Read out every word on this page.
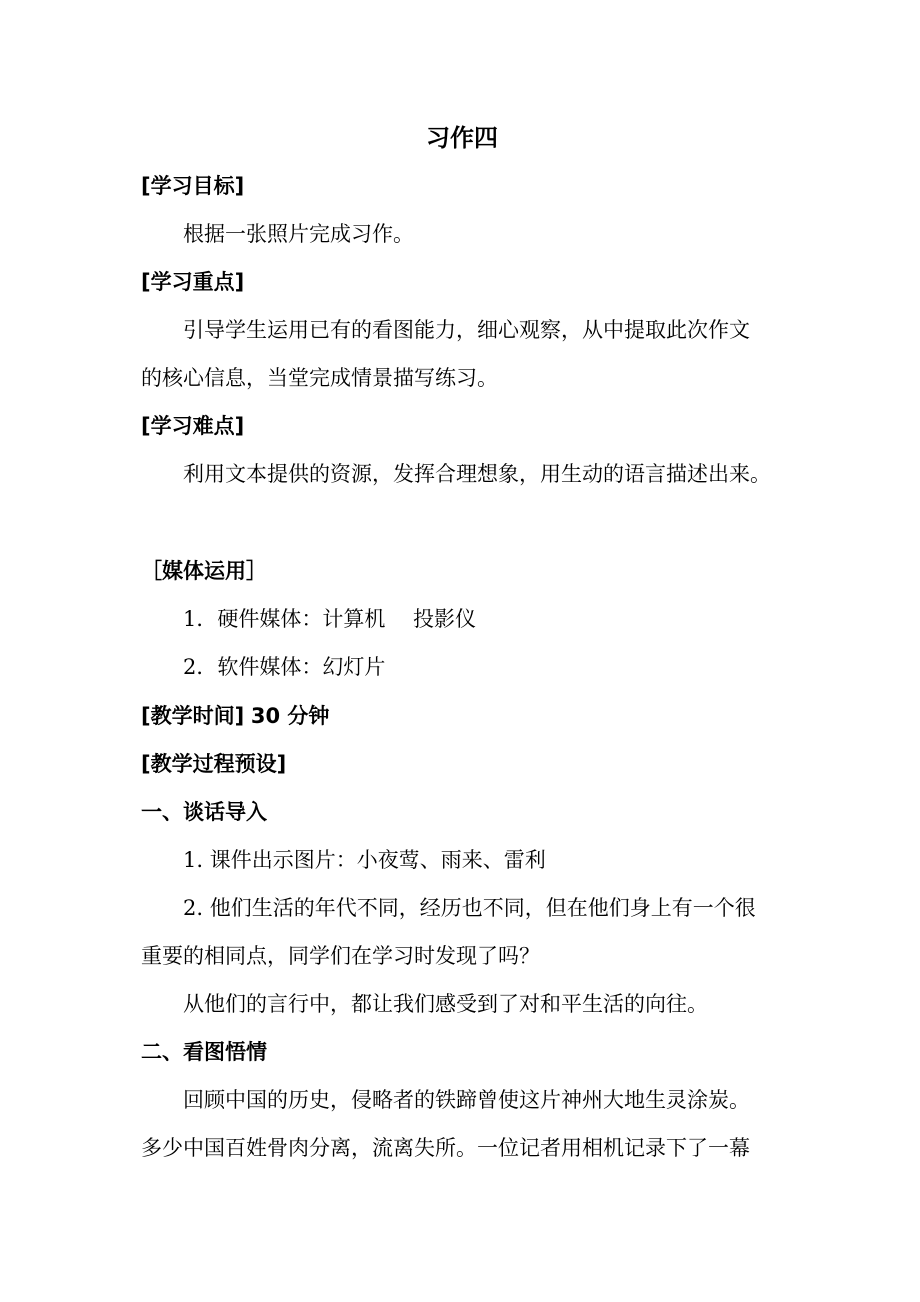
习作四
[学习目标]
根据一张照片完成习作。
[学习重点]
引导学生运用已有的看图能力，细心观察，从中提取此次作文
的核心信息，当堂完成情景描写练习。
[学习难点]
利用文本提供的资源，发挥合理想象，用生动的语言描述出来。
［媒体运用］
1．硬件媒体：计算机　 投影仪
2．软件媒体：幻灯片
[教学时间] 30 分钟
[教学过程预设]
一、谈话导入
1. 课件出示图片：小夜莺、雨来、雷利
2. 他们生活的年代不同，经历也不同，但在他们身上有一个很
重要的相同点，同学们在学习时发现了吗？
从他们的言行中，都让我们感受到了对和平生活的向往。
二、看图悟情
回顾中国的历史，侵略者的铁蹄曾使这片神州大地生灵涂炭。
多少中国百姓骨肉分离，流离失所。一位记者用相机记录下了一幕
